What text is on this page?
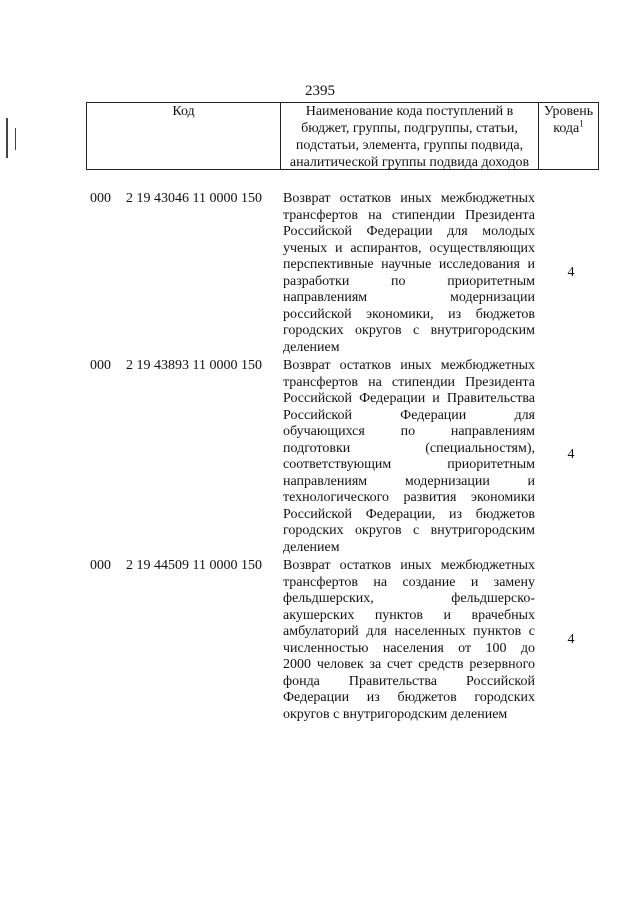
2395
Код	Наименование кода поступлений в
бюджет, группы, подгруппы, статьи,
подстатьи, элемента, группы подвида,
аналитической группы подвида доходов
Уровень
кода$^1$
000 2 19 43046 11 0000 150 Возврат остатков иных межбюджетных
трансфертов на стипендии Президента
Российской Федерации для молодых
ученых и аспирантов, осуществляющих
перспективные научные исследования и
разработки по приоритетным
направлениям модернизации
российской экономики, из бюджетов
городских округов с внутригородским
делением
4
000 2 19 43893 11 0000 150 Возврат остатков иных межбюджетных
трансфертов на стипендии Президента
Российской Федерации и Правительства
Российской Федерации для
обучающихся по направлениям
подготовки (специальностям),
соответствующим приоритетным
направлениям модернизации и
технологического развития экономики
Российской Федерации, из бюджетов
городских округов с внутригородским
делением
4
000 2 19 44509 11 0000 150 Возврат остатков иных межбюджетных
трансфертов на создание и замену
фельдшерских, фельдшерско-
акушерских пунктов и врачебных
амбулаторий для населенных пунктов с
численностью населения от 100 до
2000 человек за счет средств резервного
фонда Правительства Российской
Федерации из бюджетов городских
округов с внутригородским делением
4
